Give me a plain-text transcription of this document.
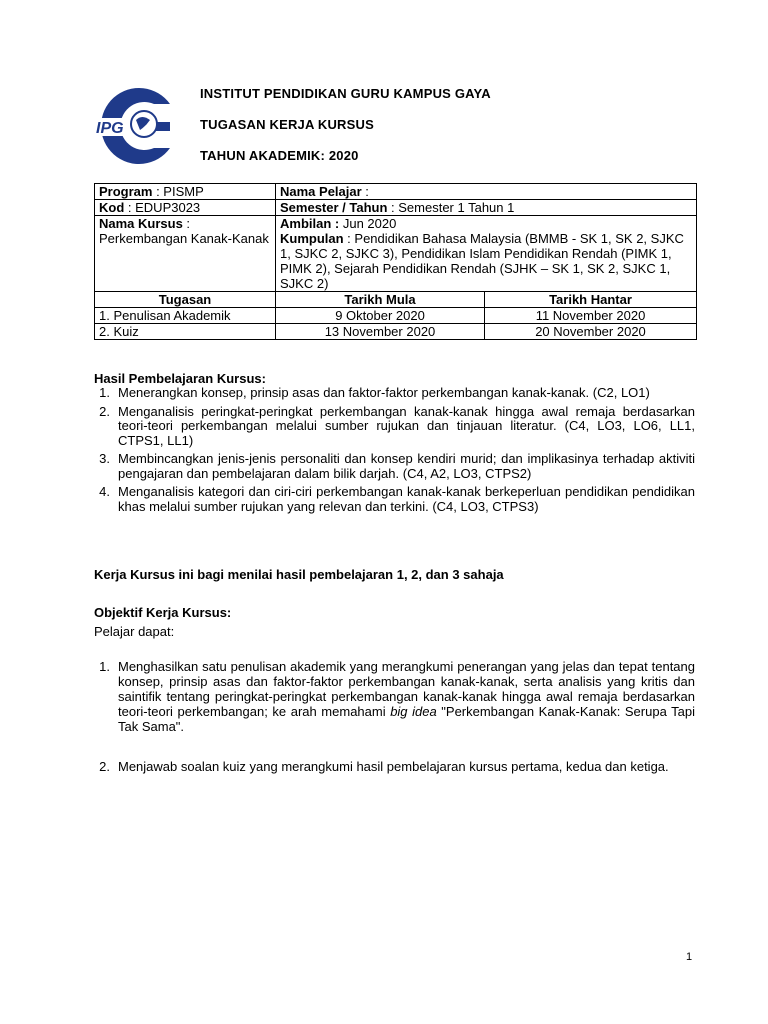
IPG
INSTITUT PENDIDIKAN GURU KAMPUS GAYA
TUGASAN KERJA KURSUS
TAHUN AKADEMIK: 2020
Program : PISMP	Nama Pelajar :	
Kod : EDUP3023	Semester / Tahun : Semester 1 Tahun 1	
Nama Kursus :
Perkembangan Kanak-Kanak	Ambilan : Jun 2020
Kumpulan : Pendidikan Bahasa Malaysia (BMMB - SK 1, SK 2, SJKC 1, SJKC 2, SJKC 3), Pendidikan Islam Pendidikan Rendah (PIMK 1, PIMK 2), Sejarah Pendidikan Rendah (SJHK – SK 1, SK 2, SJKC 1, SJKC 2)	
Tugasan	Tarikh Mula	Tarikh Hantar
1. Penulisan Akademik	9 Oktober 2020	11 November 2020
2. Kuiz	13 November 2020	20 November 2020
Hasil Pembelajaran Kursus:
1. Menerangkan konsep, prinsip asas dan faktor-faktor perkembangan kanak-kanak. (C2, LO1)
2. Menganalisis peringkat-peringkat perkembangan kanak-kanak hingga awal remaja berdasarkan teori-teori perkembangan melalui sumber rujukan dan tinjauan literatur. (C4, LO3, LO6, LL1, CTPS1, LL1)
3. Membincangkan jenis-jenis personaliti dan konsep kendiri murid; dan implikasinya terhadap aktiviti pengajaran dan pembelajaran dalam bilik darjah. (C4, A2, LO3, CTPS2)
4. Menganalisis kategori dan ciri-ciri perkembangan kanak-kanak berkeperluan pendidikan pendidikan khas melalui sumber rujukan yang relevan dan terkini. (C4, LO3, CTPS3)
Kerja Kursus ini bagi menilai hasil pembelajaran 1, 2, dan 3 sahaja
Objektif Kerja Kursus:
Pelajar dapat:
1. Menghasilkan satu penulisan akademik yang merangkumi penerangan yang jelas dan tepat tentang konsep, prinsip asas dan faktor-faktor perkembangan kanak-kanak, serta analisis yang kritis dan saintifik tentang peringkat-peringkat perkembangan kanak-kanak hingga awal remaja berdasarkan teori-teori perkembangan; ke arah memahami big idea "Perkembangan Kanak-Kanak: Serupa Tapi Tak Sama".
2. Menjawab soalan kuiz yang merangkumi hasil pembelajaran kursus pertama, kedua dan ketiga.
1
